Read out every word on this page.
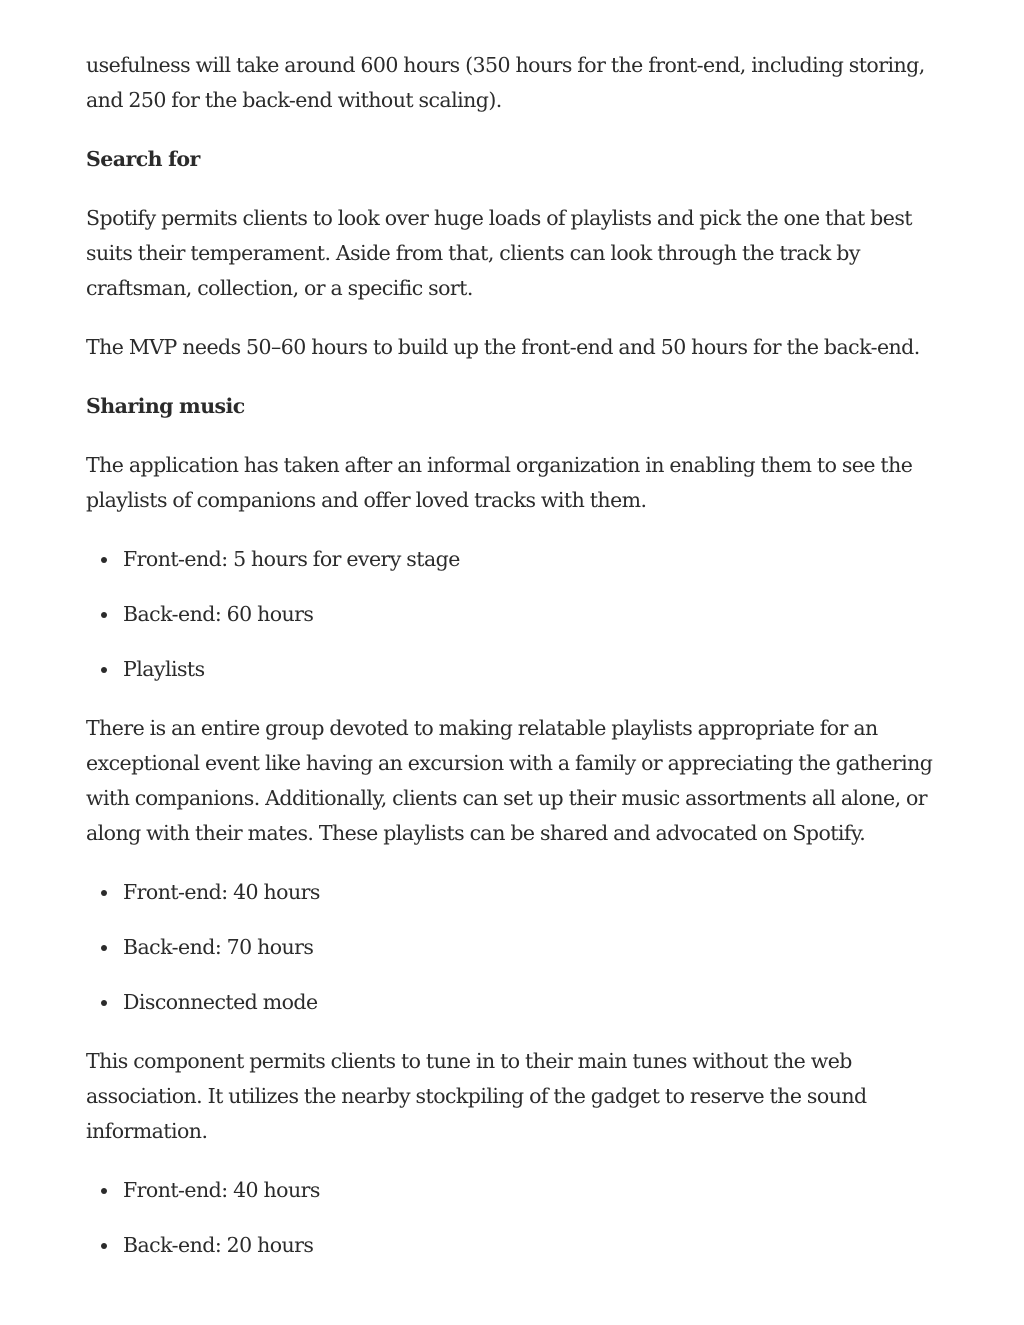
usefulness will take around 600 hours (350 hours for the front-end, including storing, and 250 for the back-end without scaling).

Search for

Spotify permits clients to look over huge loads of playlists and pick the one that best suits their temperament. Aside from that, clients can look through the track by craftsman, collection, or a specific sort.

The MVP needs 50–60 hours to build up the front-end and 50 hours for the back-end.

Sharing music

The application has taken after an informal organization in enabling them to see the playlists of companions and offer loved tracks with them.

Front-end: 5 hours for every stage
Back-end: 60 hours
Playlists

There is an entire group devoted to making relatable playlists appropriate for an exceptional event like having an excursion with a family or appreciating the gathering with companions. Additionally, clients can set up their music assortments all alone, or along with their mates. These playlists can be shared and advocated on Spotify.

Front-end: 40 hours
Back-end: 70 hours
Disconnected mode

This component permits clients to tune in to their main tunes without the web association. It utilizes the nearby stockpiling of the gadget to reserve the sound information.

Front-end: 40 hours
Back-end: 20 hours
